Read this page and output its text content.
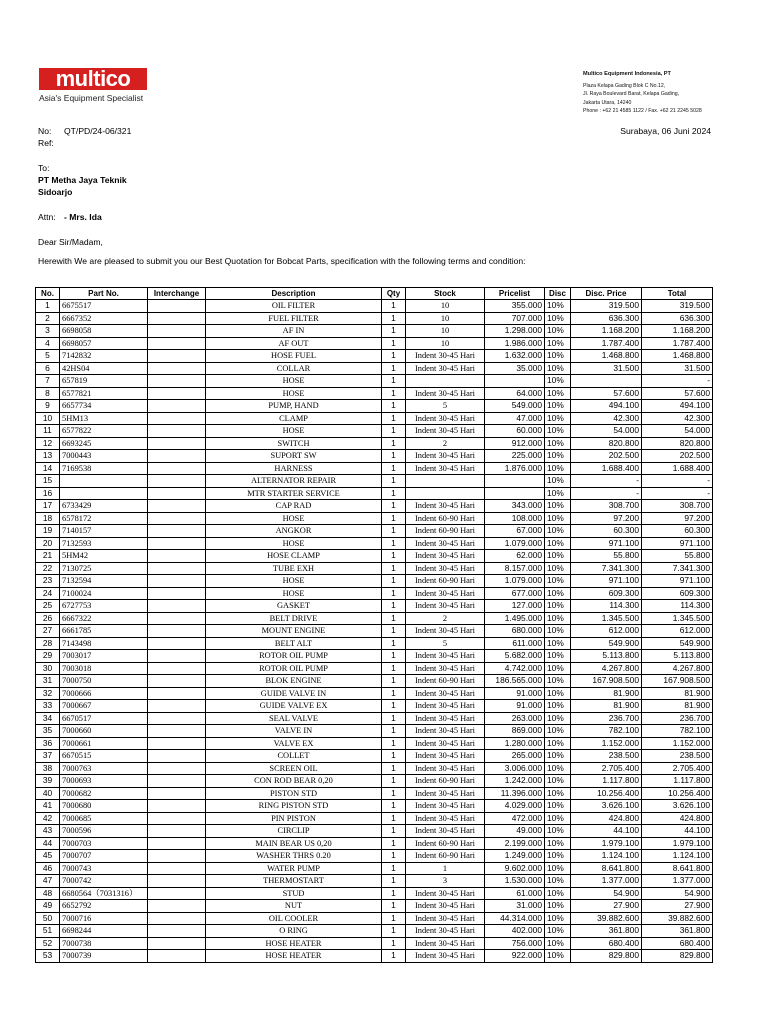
multico
Asia's Equipment Specialist
Multico Equipment Indonesia, PT
Plaza Kelapa Gading Blok C No.12,
Jl. Raya Boulevard Barat, Kelapa Gading,
Jakarta Utara, 14240
Phone : +62 21 4585 1122 / Fax. +62 21 2245 5028
No: QT/PD/24-06/321
Ref:
Surabaya, 06 Juni 2024
To:
PT Metha Jaya Teknik
Sidoarjo
Attn: - Mrs. Ida
Dear Sir/Madam,
Herewith We are pleased to submit you our Best Quotation for Bobcat Parts, specification with the following terms and condition:
No.	Part No.	Interchange	Description	Qty	Stock	Pricelist	Disc	Disc. Price	Total
1	6675517		OIL FILTER	1	10	355.000	10%	319.500	319.500
2	6667352		FUEL FILTER	1	10	707.000	10%	636.300	636.300
3	6698058		AF IN	1	10	1.298.000	10%	1.168.200	1.168.200
4	6698057		AF OUT	1	10	1.986.000	10%	1.787.400	1.787.400
5	7142832		HOSE FUEL	1	Indent 30-45 Hari	1.632.000	10%	1.468.800	1.468.800
6	42HS04		COLLAR	1	Indent 30-45 Hari	35.000	10%	31.500	31.500
7	657819		HOSE	1			10%		-
8	6577821		HOSE	1	Indent 30-45 Hari	64.000	10%	57.600	57.600
9	6657734		PUMP, HAND	1	5	549.000	10%	494.100	494.100
10	5HM13		CLAMP	1	Indent 30-45 Hari	47.000	10%	42.300	42.300
11	6577822		HOSE	1	Indent 30-45 Hari	60.000	10%	54.000	54.000
12	6693245		SWITCH	1	2	912.000	10%	820.800	820.800
13	7000443		SUPORT SW	1	Indent 30-45 Hari	225.000	10%	202.500	202.500
14	7169538		HARNESS	1	Indent 30-45 Hari	1.876.000	10%	1.688.400	1.688.400
15			ALTERNATOR REPAIR	1			10%	-	-
16			MTR STARTER SERVICE	1			10%	-	-
17	6733429		CAP RAD	1	Indent 30-45 Hari	343.000	10%	308.700	308.700
18	6578172		HOSE	1	Indent 60-90 Hari	108.000	10%	97.200	97.200
19	7140157		ANGKOR	1	Indent 60-90 Hari	67.000	10%	60.300	60.300
20	7132593		HOSE	1	Indent 30-45 Hari	1.079.000	10%	971.100	971.100
21	5HM42		HOSE CLAMP	1	Indent 30-45 Hari	62.000	10%	55.800	55.800
22	7130725		TUBE EXH	1	Indent 30-45 Hari	8.157.000	10%	7.341.300	7.341.300
23	7132594		HOSE	1	Indent 60-90 Hari	1.079.000	10%	971.100	971.100
24	7100024		HOSE	1	Indent 30-45 Hari	677.000	10%	609.300	609.300
25	6727753		GASKET	1	Indent 30-45 Hari	127.000	10%	114.300	114.300
26	6667322		BELT DRIVE	1	2	1.495.000	10%	1.345.500	1.345.500
27	6661785		MOUNT ENGINE	1	Indent 30-45 Hari	680.000	10%	612.000	612.000
28	7143498		BELT ALT	1	5	611.000	10%	549.900	549.900
29	7003017		ROTOR OIL PUMP	1	Indent 30-45 Hari	5.682.000	10%	5.113.800	5.113.800
30	7003018		ROTOR OIL PUMP	1	Indent 30-45 Hari	4.742.000	10%	4.267.800	4.267.800
31	7000750		BLOK ENGINE	1	Indent 60-90 Hari	186.565.000	10%	167.908.500	167.908.500
32	7000666		GUIDE VALVE IN	1	Indent 30-45 Hari	91.000	10%	81.900	81.900
33	7000667		GUIDE VALVE EX	1	Indent 30-45 Hari	91.000	10%	81.900	81.900
34	6670517		SEAL VALVE	1	Indent 30-45 Hari	263.000	10%	236.700	236.700
35	7000660		VALVE IN	1	Indent 30-45 Hari	869.000	10%	782.100	782.100
36	7000661		VALVE EX	1	Indent 30-45 Hari	1.280.000	10%	1.152.000	1.152.000
37	6670515		COLLET	1	Indent 30-45 Hari	265.000	10%	238.500	238.500
38	7000763		SCREEN OIL	1	Indent 30-45 Hari	3.006.000	10%	2.705.400	2.705.400
39	7000693		CON ROD BEAR 0,20	1	Indent 60-90 Hari	1.242.000	10%	1.117.800	1.117.800
40	7000682		PISTON STD	1	Indent 30-45 Hari	11.396.000	10%	10.256.400	10.256.400
41	7000680		RING PISTON STD	1	Indent 30-45 Hari	4.029.000	10%	3.626.100	3.626.100
42	7000685		PIN PISTON	1	Indent 30-45 Hari	472.000	10%	424.800	424.800
43	7000596		CIRCLIP	1	Indent 30-45 Hari	49.000	10%	44.100	44.100
44	7000703		MAIN BEAR US 0,20	1	Indent 60-90 Hari	2.199.000	10%	1.979.100	1.979.100
45	7000707		WASHER THRS 0.20	1	Indent 60-90 Hari	1.249.000	10%	1.124.100	1.124.100
46	7000743		WATER PUMP	1	1	9.602.000	10%	8.641.800	8.641.800
47	7000742		THERMOSTART	1	3	1.530.000	10%	1.377.000	1.377.000
48	6680564（7031316）		STUD	1	Indent 30-45 Hari	61.000	10%	54.900	54.900
49	6652792		NUT	1	Indent 30-45 Hari	31.000	10%	27.900	27.900
50	7000716		OIL COOLER	1	Indent 30-45 Hari	44.314.000	10%	39.882.600	39.882.600
51	6698244		O RING	1	Indent 30-45 Hari	402.000	10%	361.800	361.800
52	7000738		HOSE HEATER	1	Indent 30-45 Hari	756.000	10%	680.400	680.400
53	7000739		HOSE HEATER	1	Indent 30-45 Hari	922.000	10%	829.800	829.800
